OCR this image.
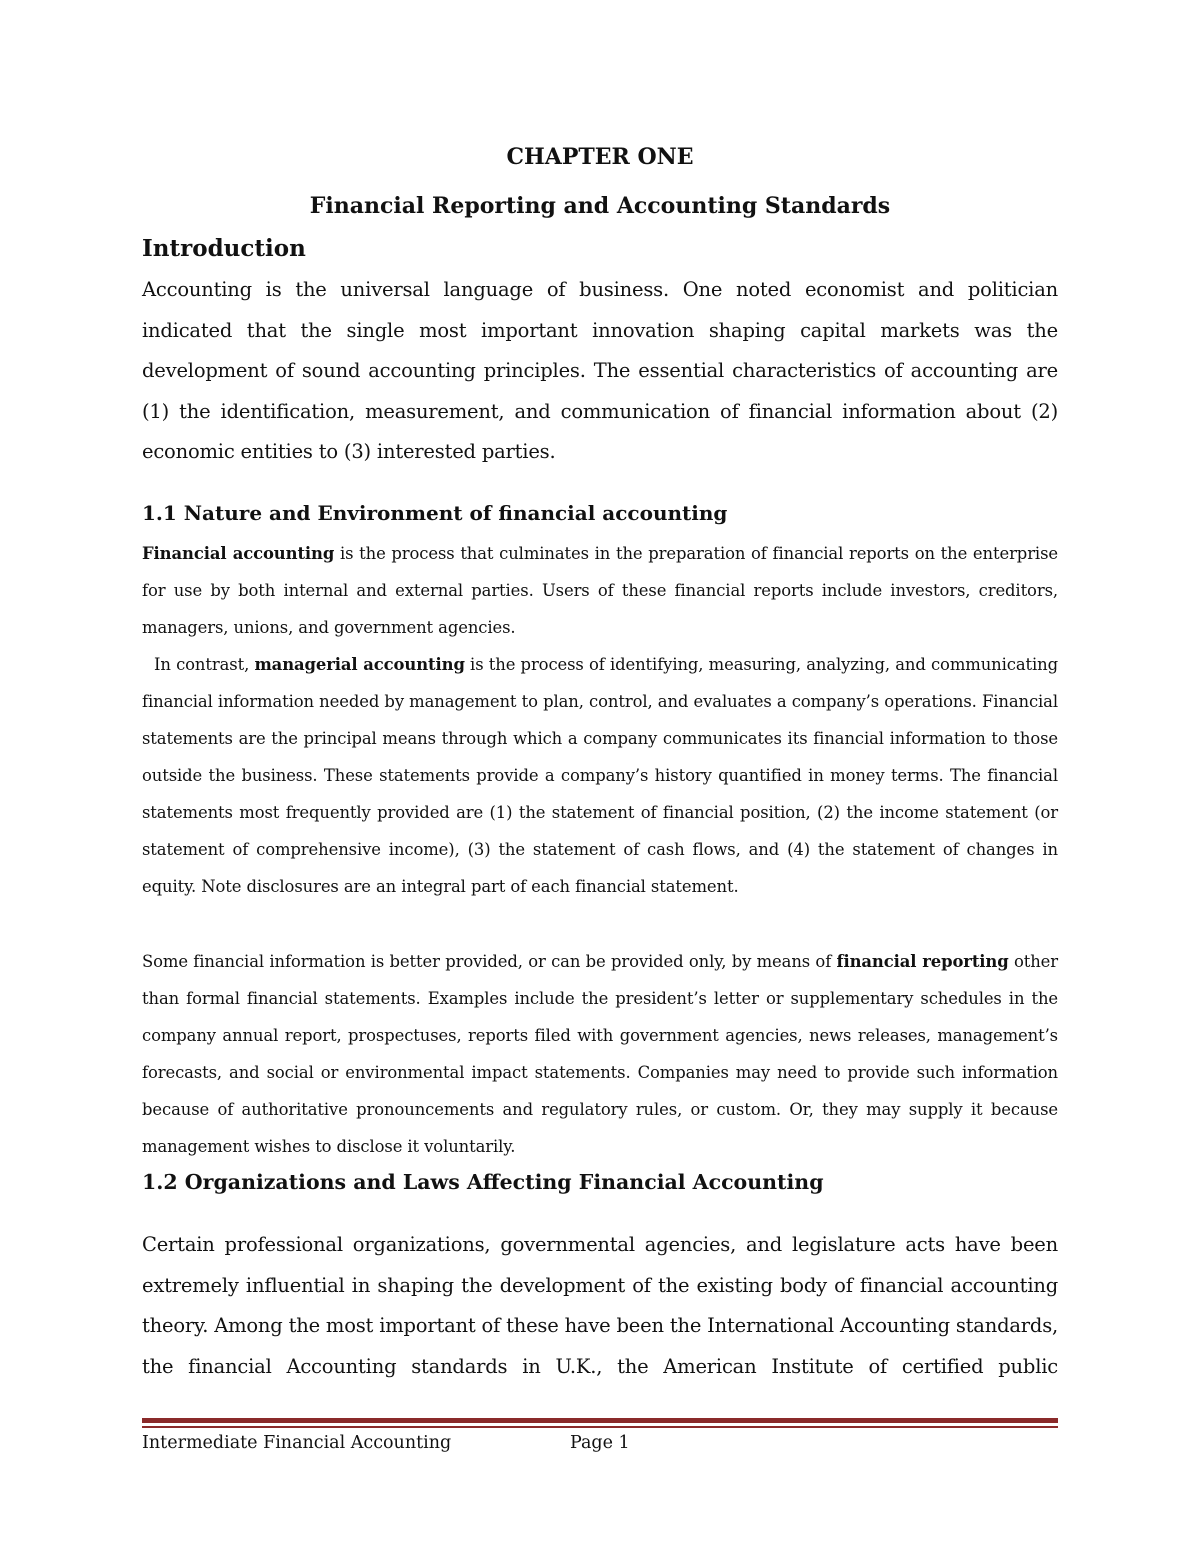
CHAPTER ONE
Financial Reporting and Accounting Standards
Introduction

Accounting is the universal language of business. One noted economist and politician indicated that the single most important innovation shaping capital markets was the development of sound accounting principles. The essential characteristics of accounting are (1) the identification, measurement, and communication of financial information about (2) economic entities to (3) interested parties.

1.1 Nature and Environment of financial accounting

Financial accounting is the process that culminates in the preparation of financial reports on the enterprise for use by both internal and external parties. Users of these financial reports include investors, creditors, managers, unions, and government agencies.

In contrast, managerial accounting is the process of identifying, measuring, analyzing, and communicating financial information needed by management to plan, control, and evaluates a company’s operations. Financial statements are the principal means through which a company communicates its financial information to those outside the business. These statements provide a company’s history quantified in money terms. The financial statements most frequently provided are (1) the statement of financial position, (2) the income statement (or statement of comprehensive income), (3) the statement of cash flows, and (4) the statement of changes in equity. Note disclosures are an integral part of each financial statement.

Some financial information is better provided, or can be provided only, by means of financial reporting other than formal financial statements. Examples include the president’s letter or supplementary schedules in the company annual report, prospectuses, reports filed with government agencies, news releases, management’s forecasts, and social or environmental impact statements. Companies may need to provide such information because of authoritative pronouncements and regulatory rules, or custom. Or, they may supply it because management wishes to disclose it voluntarily.

1.2 Organizations and Laws Affecting Financial Accounting

Certain professional organizations, governmental agencies, and legislature acts have been extremely influential in shaping the development of the existing body of financial accounting theory. Among the most important of these have been the International Accounting standards, the financial Accounting standards in U.K., the American Institute of certified public

Intermediate Financial Accounting	Page 1
